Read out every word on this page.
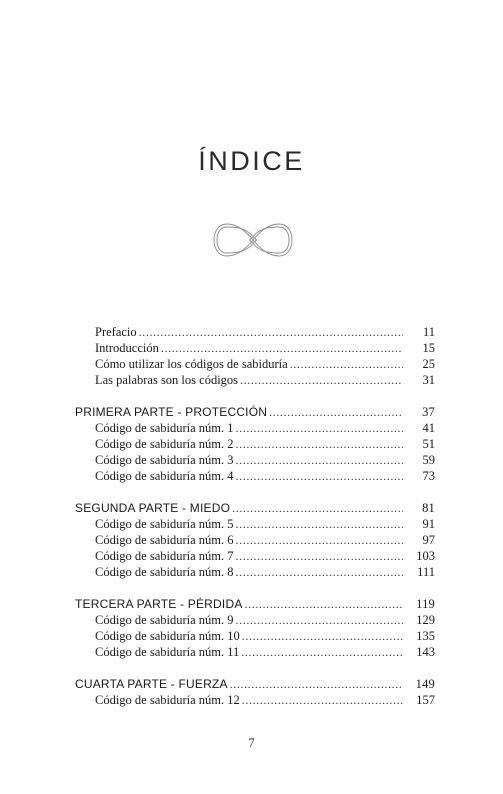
ÍNDICE
Prefacio .....	11
Introducción .....	15
Cómo utilizar los códigos de sabiduría .....	25
Las palabras son los códigos .....	31
PRIMERA PARTE - PROTECCIÓN .....	37
Código de sabiduría núm. 1 .....	41
Código de sabiduría núm. 2 .....	51
Código de sabiduría núm. 3 .....	59
Código de sabiduría núm. 4 .....	73
SEGUNDA PARTE - MIEDO .....	81
Código de sabiduría núm. 5 .....	91
Código de sabiduría núm. 6 .....	97
Código de sabiduría núm. 7 .....	103
Código de sabiduría núm. 8 .....	111
TERCERA PARTE - PÉRDIDA .....	119
Código de sabiduría núm. 9 .....	129
Código de sabiduría núm. 10 .....	135
Código de sabiduría núm. 11 .....	143
CUARTA PARTE - FUERZA .....	149
Código de sabiduría núm. 12 .....	157
7
